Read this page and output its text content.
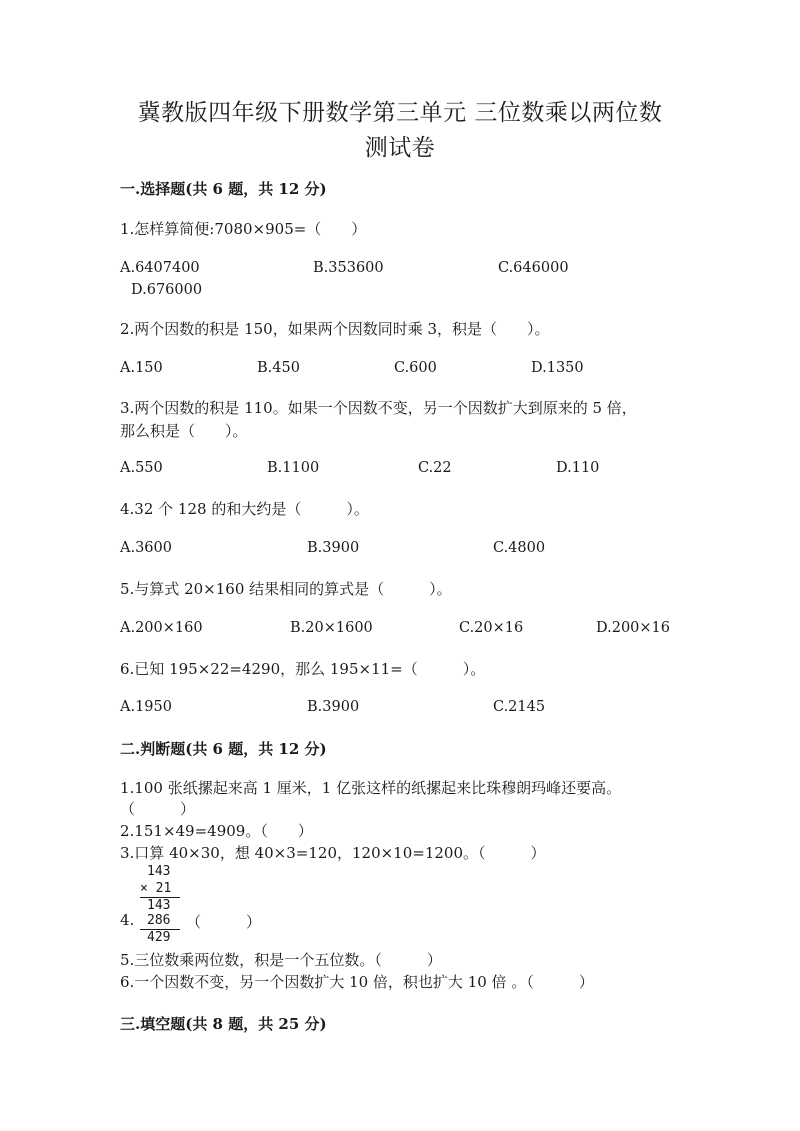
冀教版四年级下册数学第三单元 三位数乘以两位数
测试卷
一.选择题(共 6 题，共 12 分)
1.怎样算简便:7080×905=（　　）
A.6407400	B.353600	C.646000
D.676000
2.两个因数的积是 150，如果两个因数同时乘 3，积是（　　）。
A.150	B.450	C.600	D.1350
3.两个因数的积是 110。如果一个因数不变，另一个因数扩大到原来的 5 倍，
那么积是（　　）。
A.550	B.1100	C.22	D.110
4.32 个 128 的和大约是（　　　）。
A.3600	B.3900	C.4800
5.与算式 20×160 结果相同的算式是（　　　）。
A.200×160	B.20×1600	C.20×16	D.200×16
6.已知 195×22=4290，那么 195×11=（　　　）。
A.1950	B.3900	C.2145
二.判断题(共 6 题，共 12 分)
1.100 张纸摞起来高 1 厘米，1 亿张这样的纸摞起来比珠穆朗玛峰还要高。
（　　　）
2.151×49=4909。（　　）
3.口算 40×30，想 40×3=120，120×10=1200。（　　　）
143
× 21
143
286
429
4.	（　　　）
5.三位数乘两位数，积是一个五位数。（　　　）
6.一个因数不变，另一个因数扩大 10 倍，积也扩大 10 倍 。（　　　）
三.填空题(共 8 题，共 25 分)
